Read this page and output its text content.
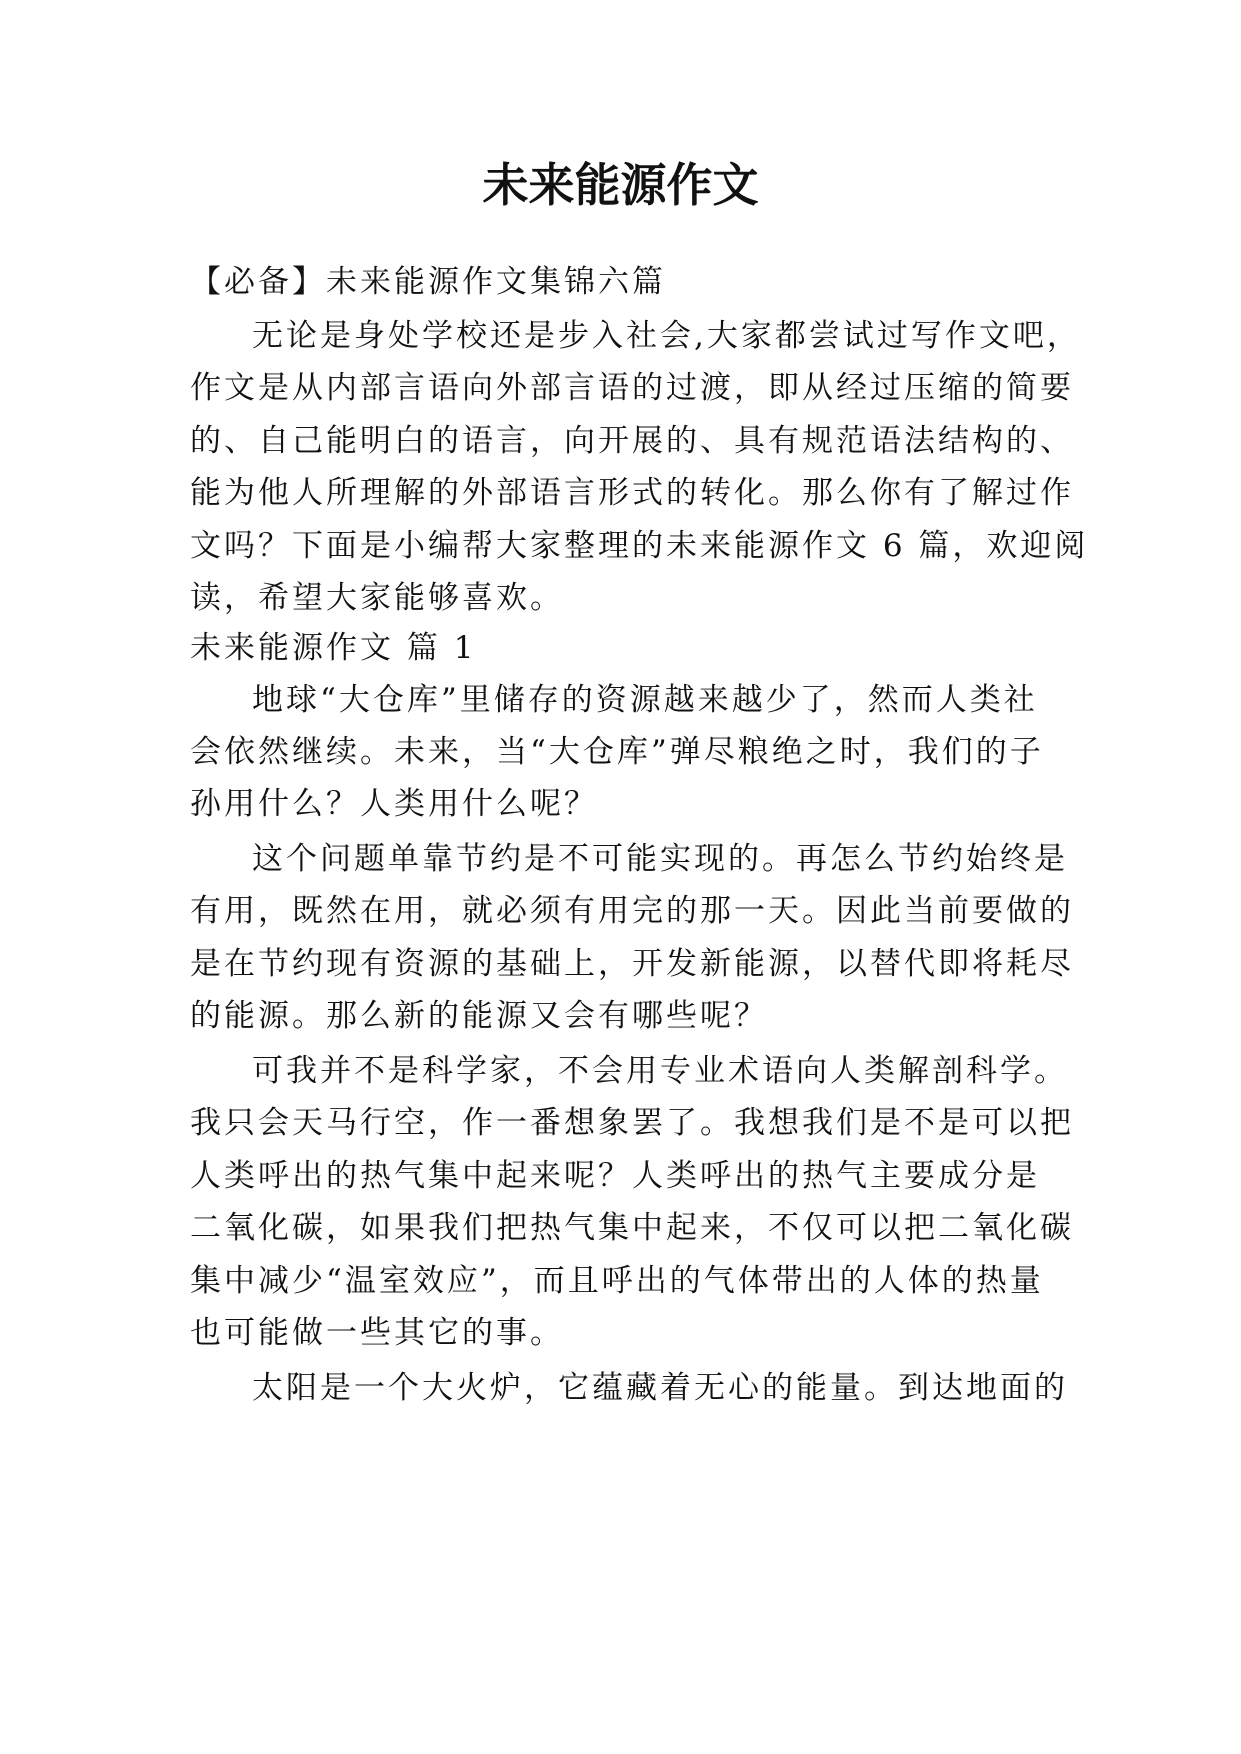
未来能源作文
【必备】未来能源作文集锦六篇
无论是身处学校还是步入社会,大家都尝试过写作文吧，
作文是从内部言语向外部言语的过渡，即从经过压缩的简要
的、自己能明白的语言，向开展的、具有规范语法结构的、
能为他人所理解的外部语言形式的转化。那么你有了解过作
文吗？下面是小编帮大家整理的未来能源作文 6 篇，欢迎阅
读，希望大家能够喜欢。
未来能源作文 篇 1
地球“大仓库”里储存的资源越来越少了，然而人类社
会依然继续。未来，当“大仓库”弹尽粮绝之时，我们的子
孙用什么？人类用什么呢？
这个问题单靠节约是不可能实现的。再怎么节约始终是
有用，既然在用，就必须有用完的那一天。因此当前要做的
是在节约现有资源的基础上，开发新能源，以替代即将耗尽
的能源。那么新的能源又会有哪些呢？
可我并不是科学家，不会用专业术语向人类解剖科学。
我只会天马行空，作一番想象罢了。我想我们是不是可以把
人类呼出的热气集中起来呢？人类呼出的热气主要成分是
二氧化碳，如果我们把热气集中起来，不仅可以把二氧化碳
集中减少“温室效应”，而且呼出的气体带出的人体的热量
也可能做一些其它的事。
太阳是一个大火炉，它蕴藏着无心的能量。到达地面的
